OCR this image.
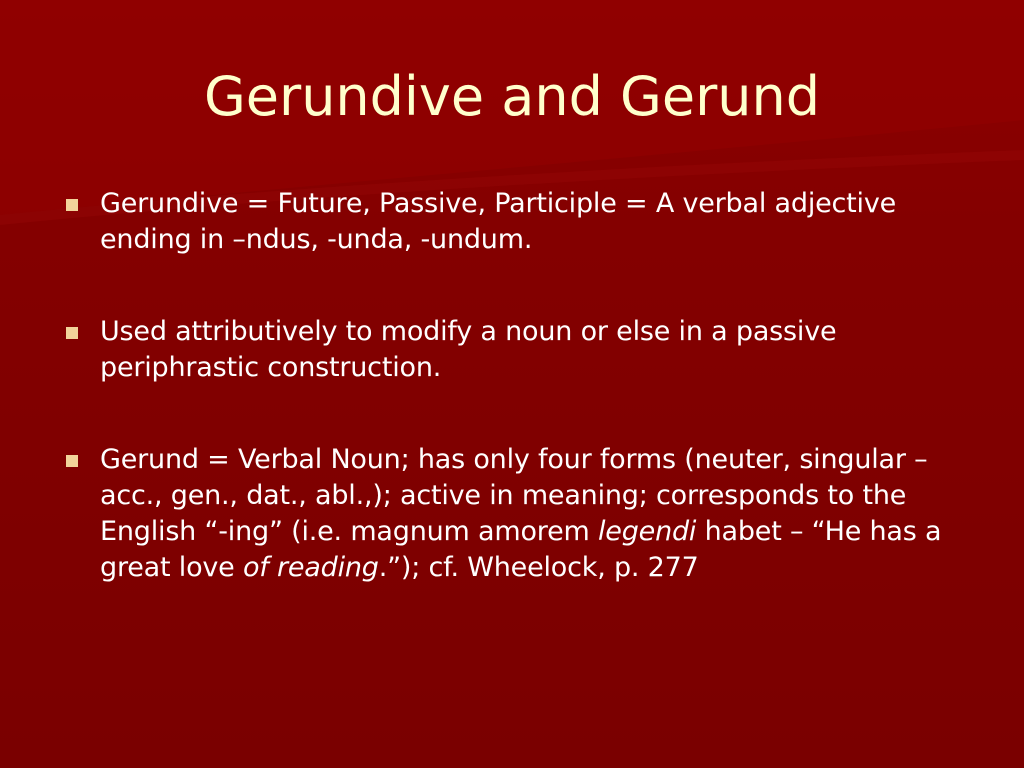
Gerundive and Gerund
Gerundive = Future, Passive, Participle = A verbal adjective ending in –ndus, -unda, -undum.
Used attributively to modify a noun or else in a passive periphrastic construction.
Gerund = Verbal Noun; has only four forms (neuter, singular – acc., gen., dat., abl.,); active in meaning; corresponds to the English “-ing” (i.e. magnum amorem legendi habet – “He has a great love of reading.”); cf. Wheelock, p. 277
